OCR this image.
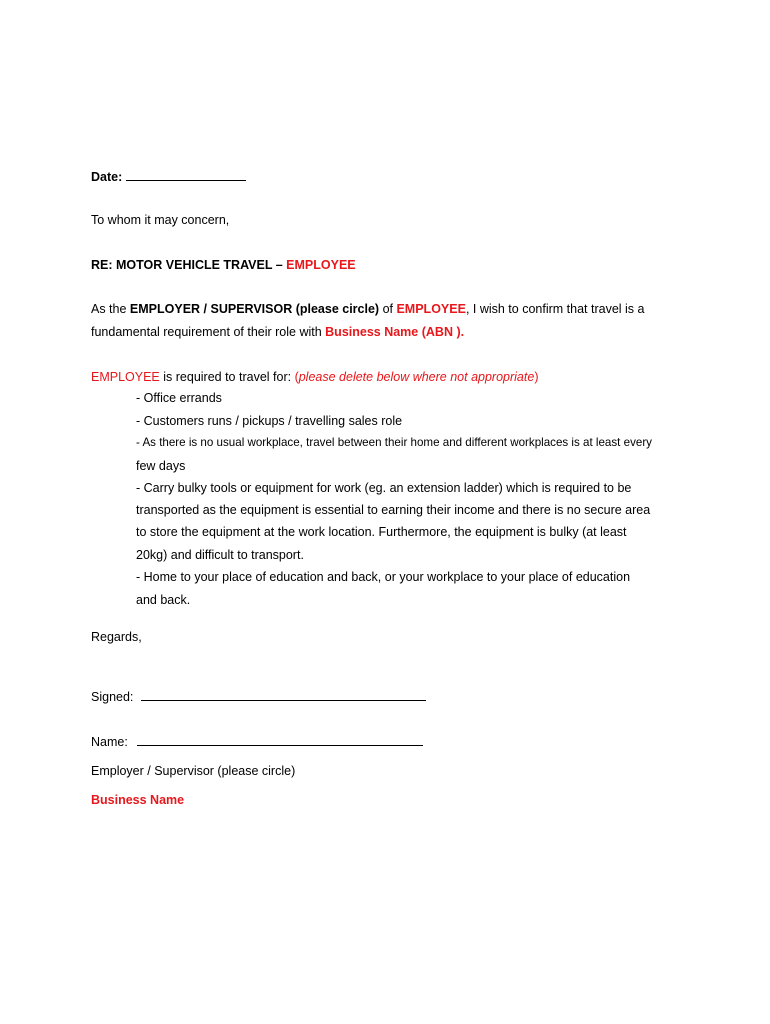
Date:
To whom it may concern,
RE: MOTOR VEHICLE TRAVEL – EMPLOYEE
As the EMPLOYER / SUPERVISOR (please circle) of EMPLOYEE, I wish to confirm that travel is a
fundamental requirement of their role with Business Name (ABN ).
EMPLOYEE is required to travel for: (please delete below where not appropriate)
- Office errands
- Customers runs / pickups / travelling sales role
- As there is no usual workplace, travel between their home and different workplaces is at least every
few days
- Carry bulky tools or equipment for work (eg. an extension ladder) which is required to be
transported as the equipment is essential to earning their income and there is no secure area
to store the equipment at the work location. Furthermore, the equipment is bulky (at least
20kg) and difficult to transport.
- Home to your place of education and back, or your workplace to your place of education
and back.
Regards,
Signed:
Name:
Employer / Supervisor (please circle)
Business Name
